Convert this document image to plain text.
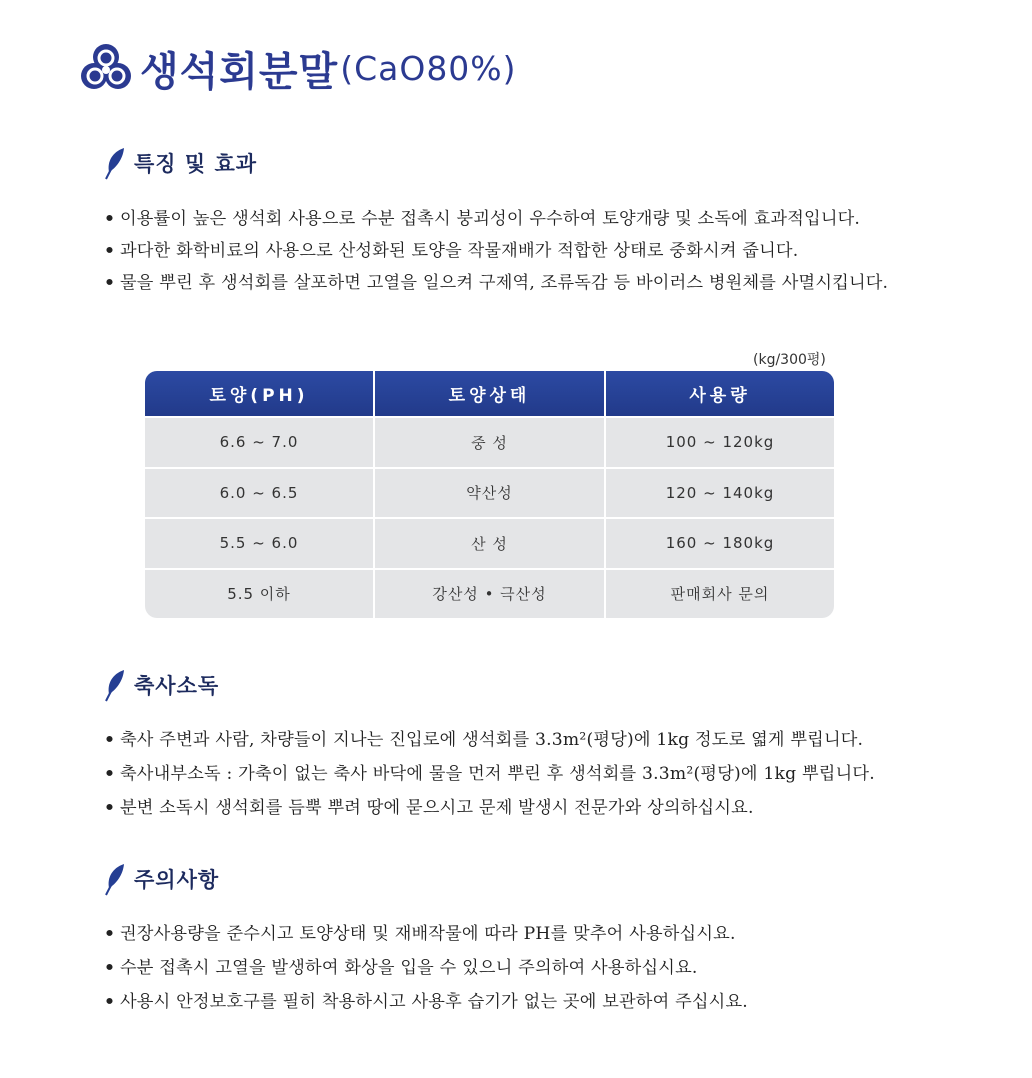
생석회분말 (CaO80%)
특징 및 효과
• 이용률이 높은 생석회 사용으로 수분 접촉시 붕괴성이 우수하여 토양개량 및 소독에 효과적입니다.
• 과다한 화학비료의 사용으로 산성화된 토양을 작물재배가 적합한 상태로 중화시켜 줍니다.
• 물을 뿌린 후 생석회를 살포하면 고열을 일으켜 구제역, 조류독감 등 바이러스 병원체를 사멸시킵니다.
(kg/300평)
토양(PH)	토양상태	사용량
6.6 ~ 7.0	중 성	100 ~ 120kg
6.0 ~ 6.5	약산성	120 ~ 140kg
5.5 ~ 6.0	산 성	160 ~ 180kg
5.5 이하	강산성 • 극산성	판매회사 문의
축사소독
• 축사 주변과 사람, 차량들이 지나는 진입로에 생석회를 3.3m²(평당)에 1kg 정도로 엷게 뿌립니다.
• 축사내부소독 : 가축이 없는 축사 바닥에 물을 먼저 뿌린 후 생석회를 3.3m²(평당)에 1kg 뿌립니다.
• 분변 소독시 생석회를 듬뿍 뿌려 땅에 묻으시고 문제 발생시 전문가와 상의하십시요.
주의사항
• 권장사용량을 준수시고 토양상태 및 재배작물에 따라 PH를 맞추어 사용하십시요.
• 수분 접촉시 고열을 발생하여 화상을 입을 수 있으니 주의하여 사용하십시요.
• 사용시 안정보호구를 필히 착용하시고 사용후 습기가 없는 곳에 보관하여 주십시요.
